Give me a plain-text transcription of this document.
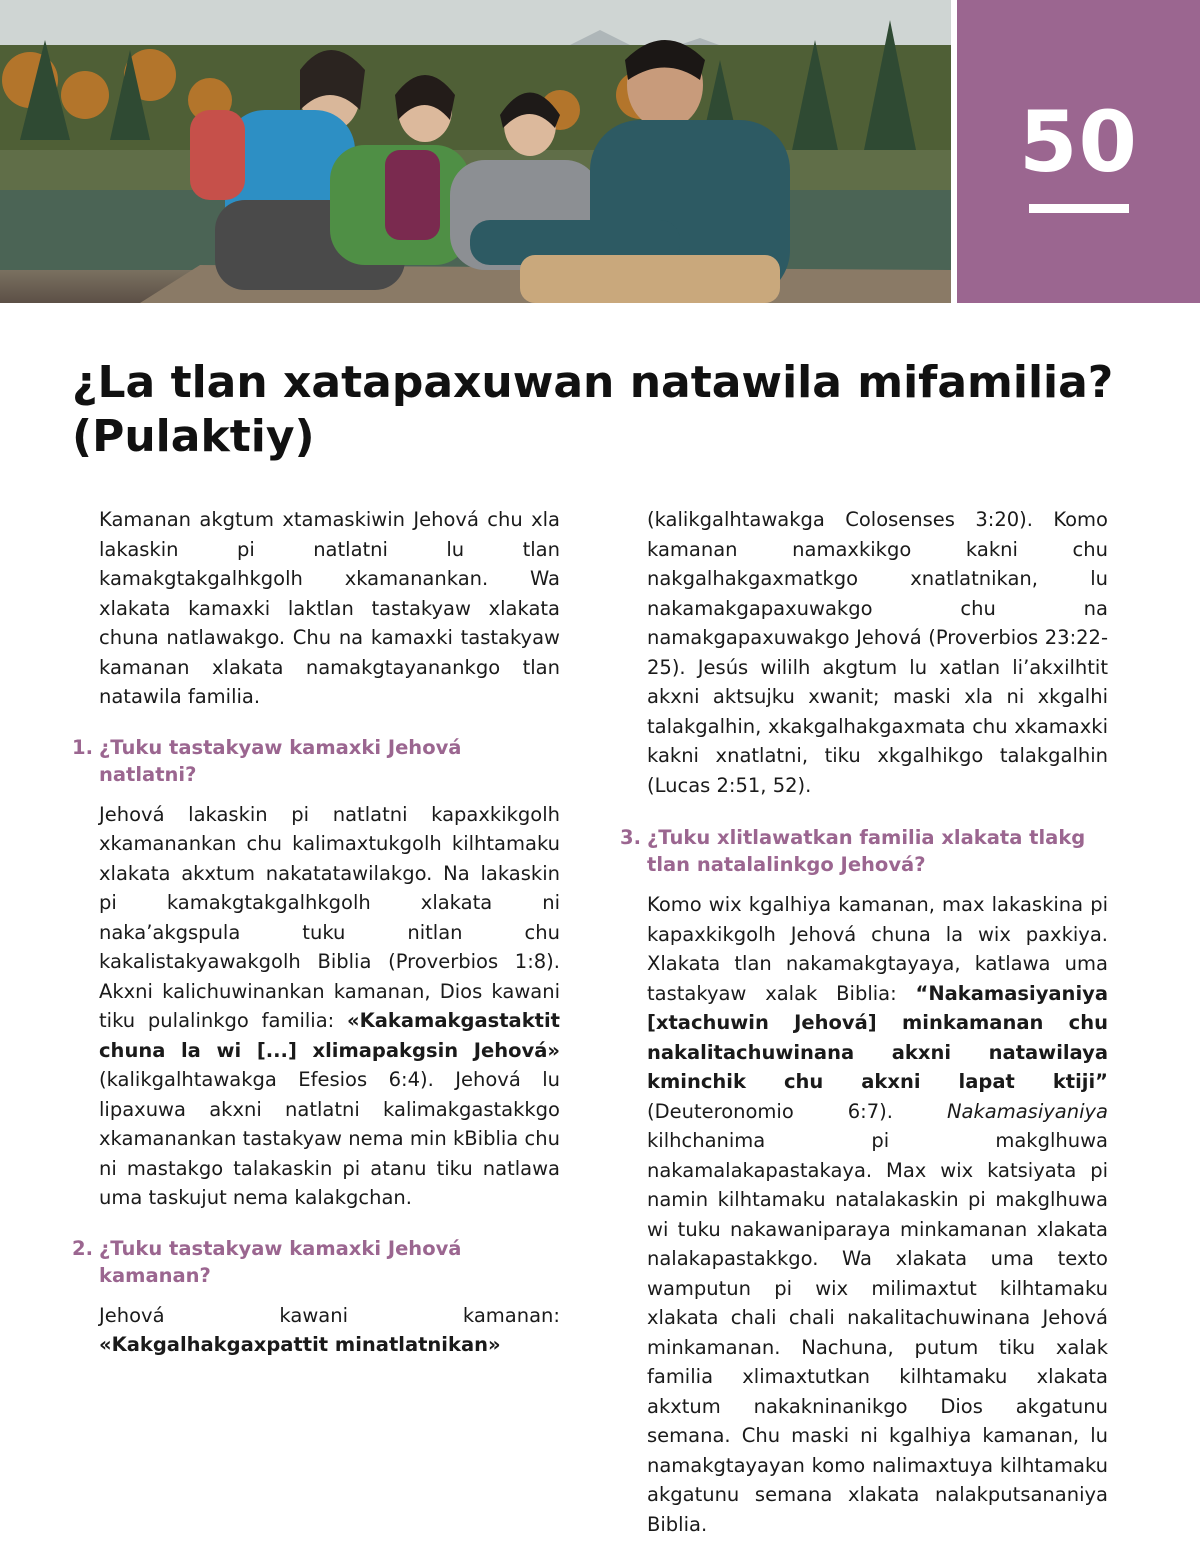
50
¿La tlan xatapaxuwan natawila mifamilia? (Pulaktiy)

Kamanan akgtum xtamaskiwin Jehová chu xla lakaskin pi natlatni lu tlan kamakgtakgalhkgolh xkamanankan. Wa xlakata kamaxki laktlan tastakyaw xlakata chuna natlawakgo. Chu na kamaxki tastakyaw kamanan xlakata namakgtayanankgo tlan natawila familia.

1. ¿Tuku tastakyaw kamaxki Jehová natlatni?

Jehová lakaskin pi natlatni kapaxkikgolh xkamanankan chu kalimaxtukgolh kilhtamaku xlakata akxtum nakatatawilakgo. Na lakaskin pi kamakgtakgalhkgolh xlakata ni naka’akgspula tuku nitlan chu kakalistakyawakgolh Biblia (Proverbios 1:8). Akxni kalichuwinankan kamanan, Dios kawani tiku pulalinkgo familia: «Kakamakgastaktit chuna la wi [...] xlimapakgsin Jehová» (kalikgalhtawakga Efesios 6:4). Jehová lu lipaxuwa akxni natlatni kalimakgastakkgo xkamanankan tastakyaw nema min kBiblia chu ni mastakgo talakaskin pi atanu tiku natlawa uma taskujut nema kalakgchan.

2. ¿Tuku tastakyaw kamaxki Jehová kamanan?

Jehová kawani kamanan: «Kakgalhakgaxpattit minatlatnikan»

(kalikgalhtawakga Colosenses 3:20). Komo kamanan namaxkikgo kakni chu nakgalhakgaxmatkgo xnatlatnikan, lu nakamakgapaxuwakgo chu na namakgapaxuwakgo Jehová (Proverbios 23:22-25). Jesús wililh akgtum lu xatlan li’akxilhtit akxni aktsujku xwanit; maski xla ni xkgalhi talakgalhin, xkakgalhakgaxmata chu xkamaxki kakni xnatlatni, tiku xkgalhikgo talakgalhin (Lucas 2:51, 52).

3. ¿Tuku xlitlawatkan familia xlakata tlakg tlan natalalinkgo Jehová?

Komo wix kgalhiya kamanan, max lakaskina pi kapaxkikgolh Jehová chuna la wix paxkiya. Xlakata tlan nakamakgtayaya, katlawa uma tastakyaw xalak Biblia: “Nakamasiyaniya [xtachuwin Jehová] minkamanan chu nakalitachuwinana akxni natawilaya kminchik chu akxni lapat ktiji” (Deuteronomio 6:7). Nakamasiyaniya kilhchanima pi makglhuwa nakamalakapastakaya. Max wix katsiyata pi namin kilhtamaku natalakaskin pi makglhuwa wi tuku nakawaniparaya minkamanan xlakata nalakapastakkgo. Wa xlakata uma texto wamputun pi wix milimaxtut kilhtamaku xlakata chali chali nakalitachuwinana Jehová minkamanan. Nachuna, putum tiku xalak familia xlimaxtutkan kilhtamaku xlakata akxtum nakakninanikgo Dios akgatunu semana. Chu maski ni kgalhiya kamanan, lu namakgtayayan komo nalimaxtuya kilhtamaku akgatunu semana xlakata nalakputsananiya Biblia.
